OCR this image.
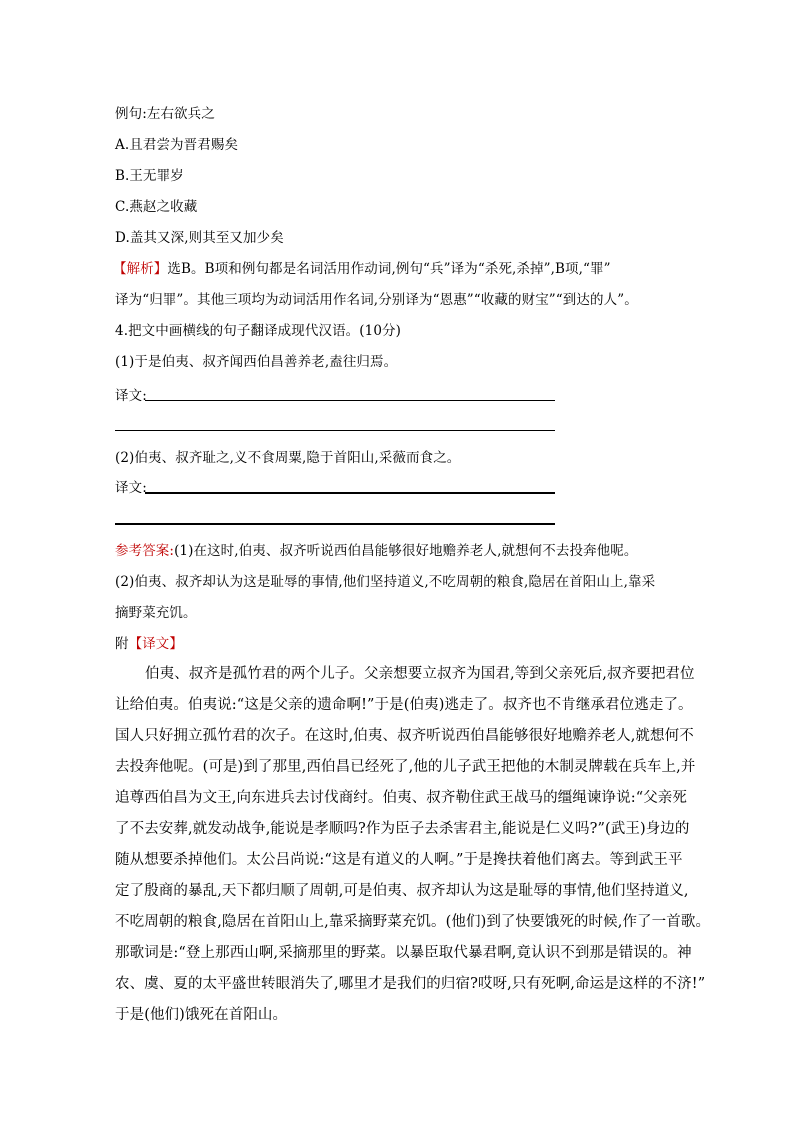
例句:左右欲兵之
A.且君尝为晋君赐矣
B.王无罪岁
C.燕赵之收藏
D.盖其又深,则其至又加少矣
【解析】选B。B项和例句都是名词活用作动词,例句“兵”译为“杀死,杀掉”,B项,“罪”
译为“归罪”。其他三项均为动词活用作名词,分别译为“恩惠”“收藏的财宝”“到达的人”。
4.把文中画横线的句子翻译成现代汉语。(10分)
(1)于是伯夷、叔齐闻西伯昌善养老,盍往归焉。
译文:
(2)伯夷、叔齐耻之,义不食周粟,隐于首阳山,采薇而食之。
译文:
参考答案:(1)在这时,伯夷、叔齐听说西伯昌能够很好地赡养老人,就想何不去投奔他呢。
(2)伯夷、叔齐却认为这是耻辱的事情,他们坚持道义,不吃周朝的粮食,隐居在首阳山上,靠采
摘野菜充饥。
附【译文】
伯夷、叔齐是孤竹君的两个儿子。父亲想要立叔齐为国君,等到父亲死后,叔齐要把君位
让给伯夷。伯夷说:“这是父亲的遗命啊!”于是(伯夷)逃走了。叔齐也不肯继承君位逃走了。
国人只好拥立孤竹君的次子。在这时,伯夷、叔齐听说西伯昌能够很好地赡养老人,就想何不
去投奔他呢。(可是)到了那里,西伯昌已经死了,他的儿子武王把他的木制灵牌载在兵车上,并
追尊西伯昌为文王,向东进兵去讨伐商纣。伯夷、叔齐勒住武王战马的缰绳谏诤说:“父亲死
了不去安葬,就发动战争,能说是孝顺吗?作为臣子去杀害君主,能说是仁义吗?”(武王)身边的
随从想要杀掉他们。太公吕尚说:“这是有道义的人啊。”于是搀扶着他们离去。等到武王平
定了殷商的暴乱,天下都归顺了周朝,可是伯夷、叔齐却认为这是耻辱的事情,他们坚持道义,
不吃周朝的粮食,隐居在首阳山上,靠采摘野菜充饥。(他们)到了快要饿死的时候,作了一首歌。
那歌词是:“登上那西山啊,采摘那里的野菜。以暴臣取代暴君啊,竟认识不到那是错误的。神
农、虞、夏的太平盛世转眼消失了,哪里才是我们的归宿?哎呀,只有死啊,命运是这样的不济!”
于是(他们)饿死在首阳山。
